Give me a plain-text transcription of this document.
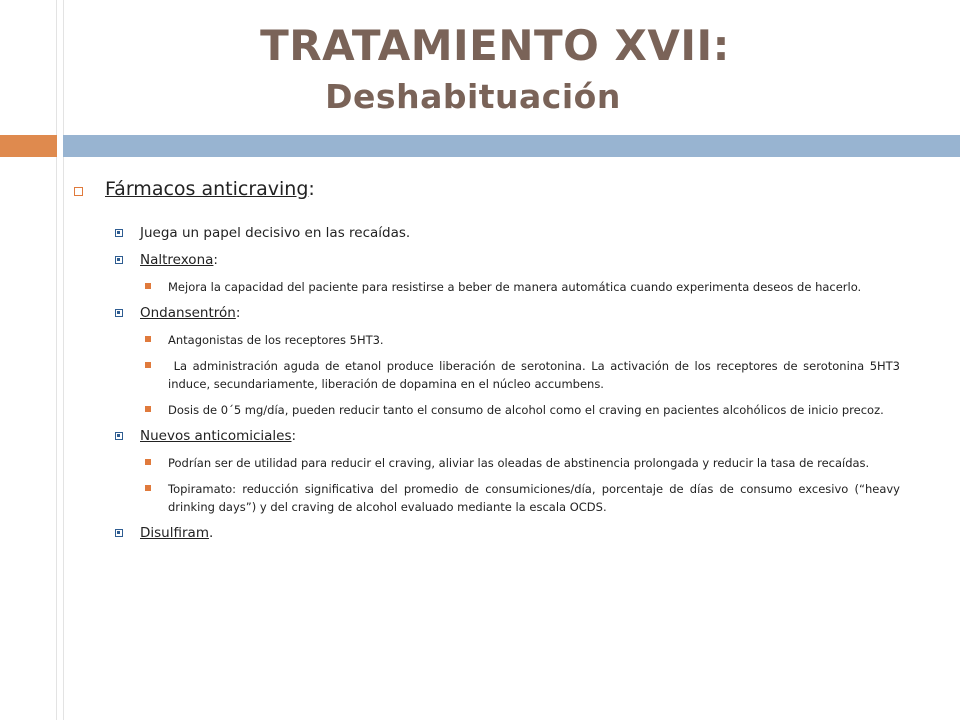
TRATAMIENTO XVII:
Deshabituación
Fármacos anticraving:
Juega un papel decisivo en las recaídas.
Naltrexona:
Mejora la capacidad del paciente para resistirse a beber de manera automática cuando experimenta deseos de hacerlo.
Ondansentrón:
Antagonistas de los receptores 5HT3.
La administración aguda de etanol produce liberación de serotonina. La activación de los receptores de serotonina 5HT3 induce, secundariamente, liberación de dopamina en el núcleo accumbens.
Dosis de 0´5 mg/día, pueden reducir tanto el consumo de alcohol como el craving en pacientes alcohólicos de inicio precoz.
Nuevos anticomiciales:
Podrían ser de utilidad para reducir el craving, aliviar las oleadas de abstinencia prolongada y reducir la tasa de recaídas.
Topiramato: reducción significativa del promedio de consumiciones/día, porcentaje de días de consumo excesivo (“heavy drinking days”) y del craving de alcohol evaluado mediante la escala OCDS.
Disulfiram.
